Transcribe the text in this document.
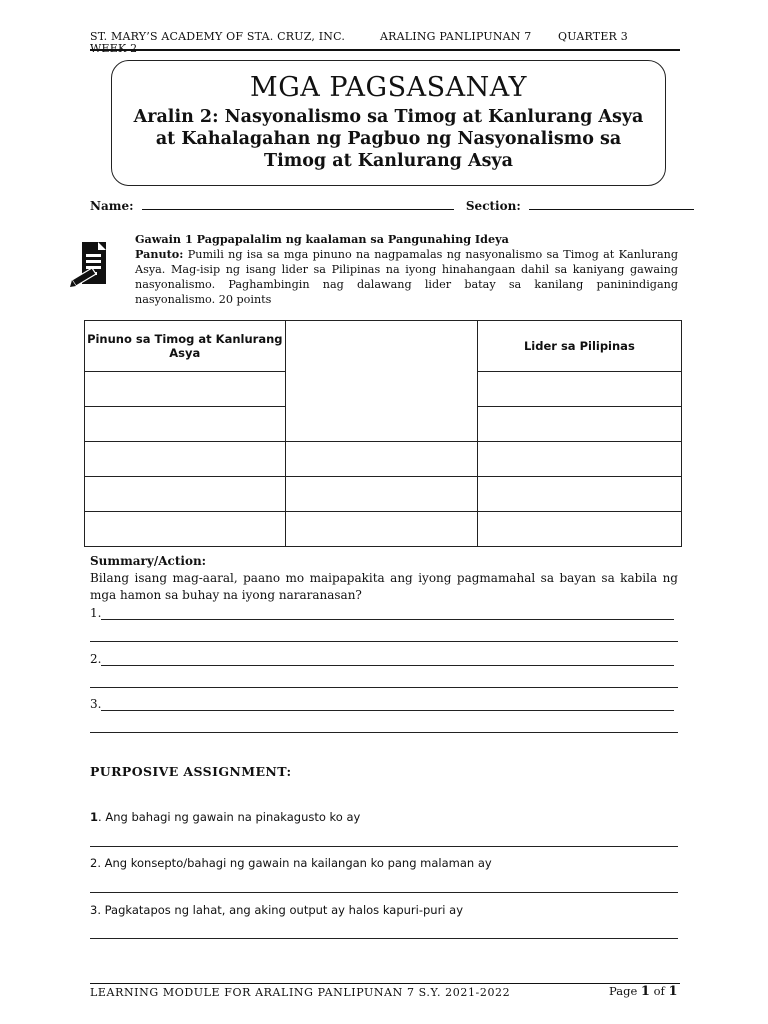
ST. MARY’S ACADEMY OF STA. CRUZ, INC.	ARALING PANLIPUNAN 7 QUARTER 3
WEEK 2
MGA PAGSASANAY
Aralin 2: Nasyonalismo sa Timog at Kanlurang Asya
at Kahalagahan ng Pagbuo ng Nasyonalismo sa
Timog at Kanlurang Asya
Name:	Section:
Gawain 1 Pagpapalalim ng kaalaman sa Pangunahing Ideya
Panuto: Pumili ng isa sa mga pinuno na nagpamalas ng nasyonalismo sa Timog at Kanlurang Asya. Mag-isip ng isang lider sa Pilipinas na iyong hinahangaan dahil sa kaniyang gawaing nasyonalismo. Paghambingin nag dalawang lider batay sa kanilang paninindigang nasyonalismo. 20 points
Pinuno sa Timog at Kanlurang Asya		Lider sa Pilipinas

Summary/Action:
Bilang isang mag-aaral, paano mo maipapakita ang iyong pagmamahal sa bayan sa kabila ng mga hamon sa buhay na iyong nararanasan?
1.
2.
3.
PURPOSIVE ASSIGNMENT:
1. Ang bahagi ng gawain na pinakagusto ko ay
2. Ang konsepto/bahagi ng gawain na kailangan ko pang malaman ay
3. Pagkatapos ng lahat, ang aking output ay halos kapuri-puri ay
LEARNING MODULE FOR ARALING PANLIPUNAN 7 S.Y. 2021-2022	Page 1 of 1
